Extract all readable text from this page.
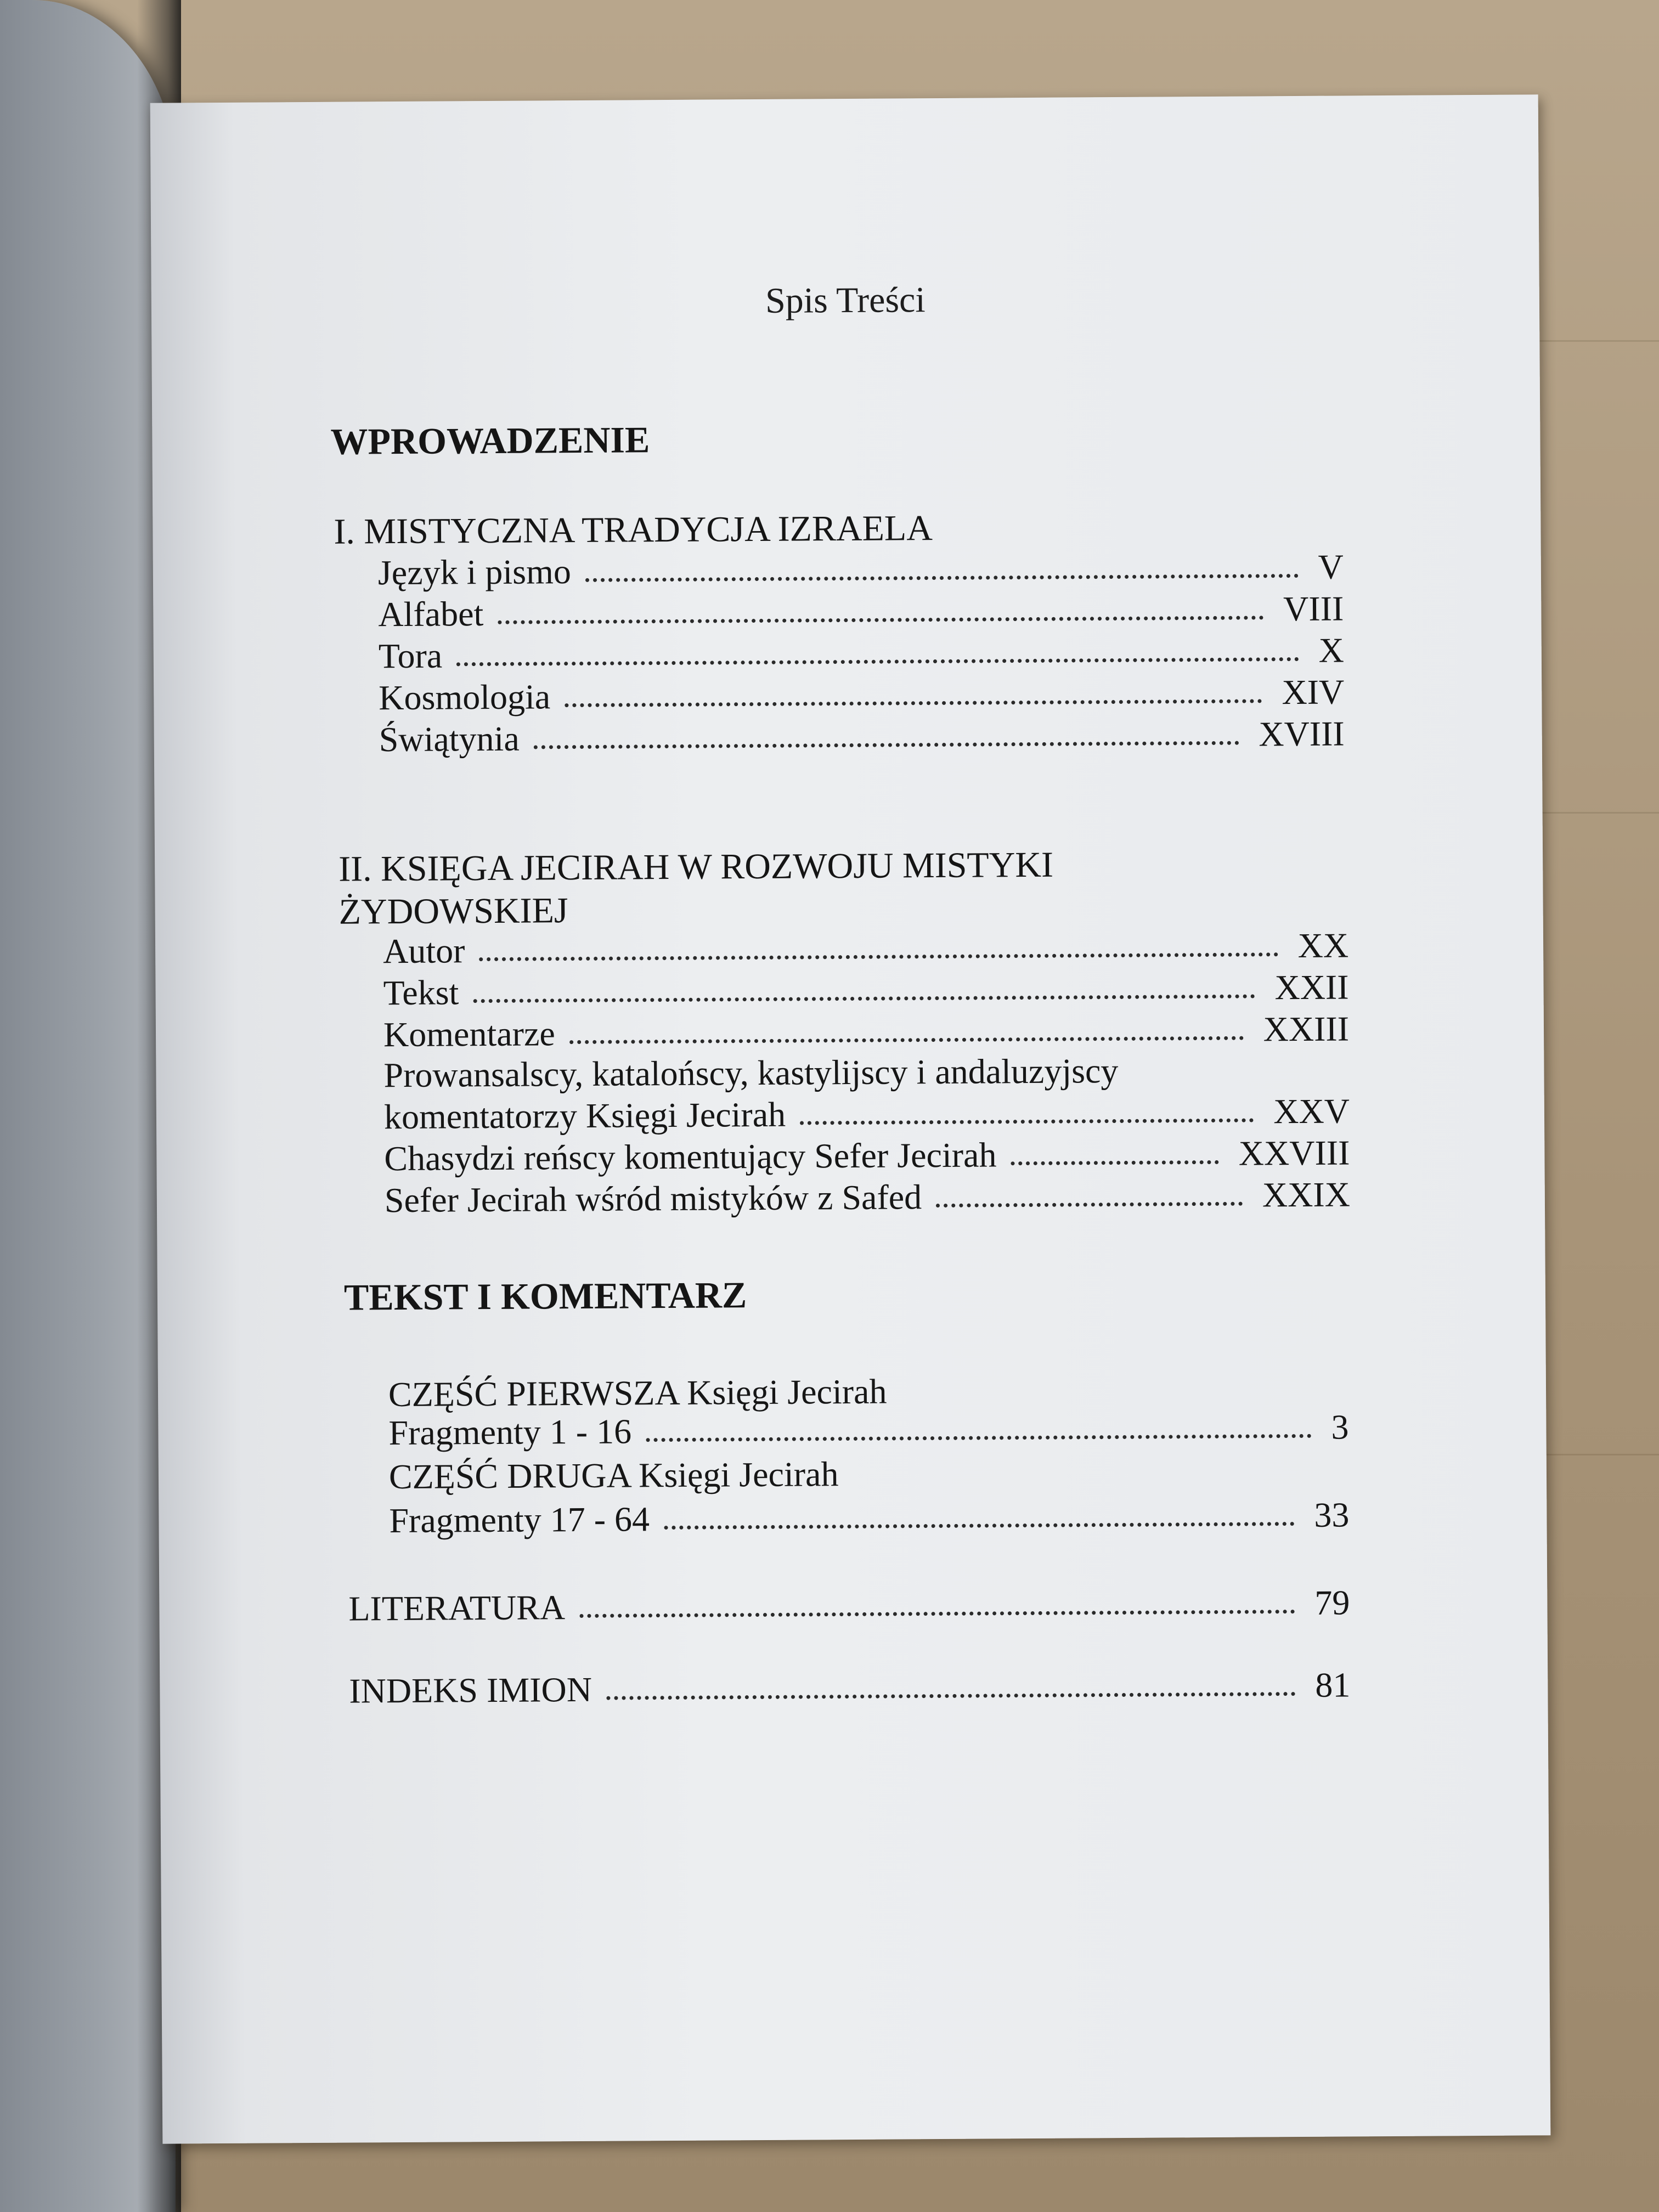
Spis Treści
WPROWADZENIE
I. MISTYCZNA TRADYCJA IZRAELA
Język i pismo	V
Alfabet	VIII
Tora	X
Kosmologia	XIV
Świątynia	XVIII
II. KSIĘGA JECIRAH W ROZWOJU MISTYKI
ŻYDOWSKIEJ
Autor	XX
Tekst	XXII
Komentarze	XXIII
Prowansalscy, katalońscy, kastylijscy i andaluzyjscy
komentatorzy Księgi Jecirah	XXV
Chasydzi reńscy komentujący Sefer Jecirah	XXVIII
Sefer Jecirah wśród mistyków z Safed	XXIX
TEKST I KOMENTARZ
CZĘŚĆ PIERWSZA Księgi Jecirah
Fragmenty 1 - 16	3
CZĘŚĆ DRUGA Księgi Jecirah
Fragmenty 17 - 64	33
LITERATURA	79
INDEKS IMION	81
